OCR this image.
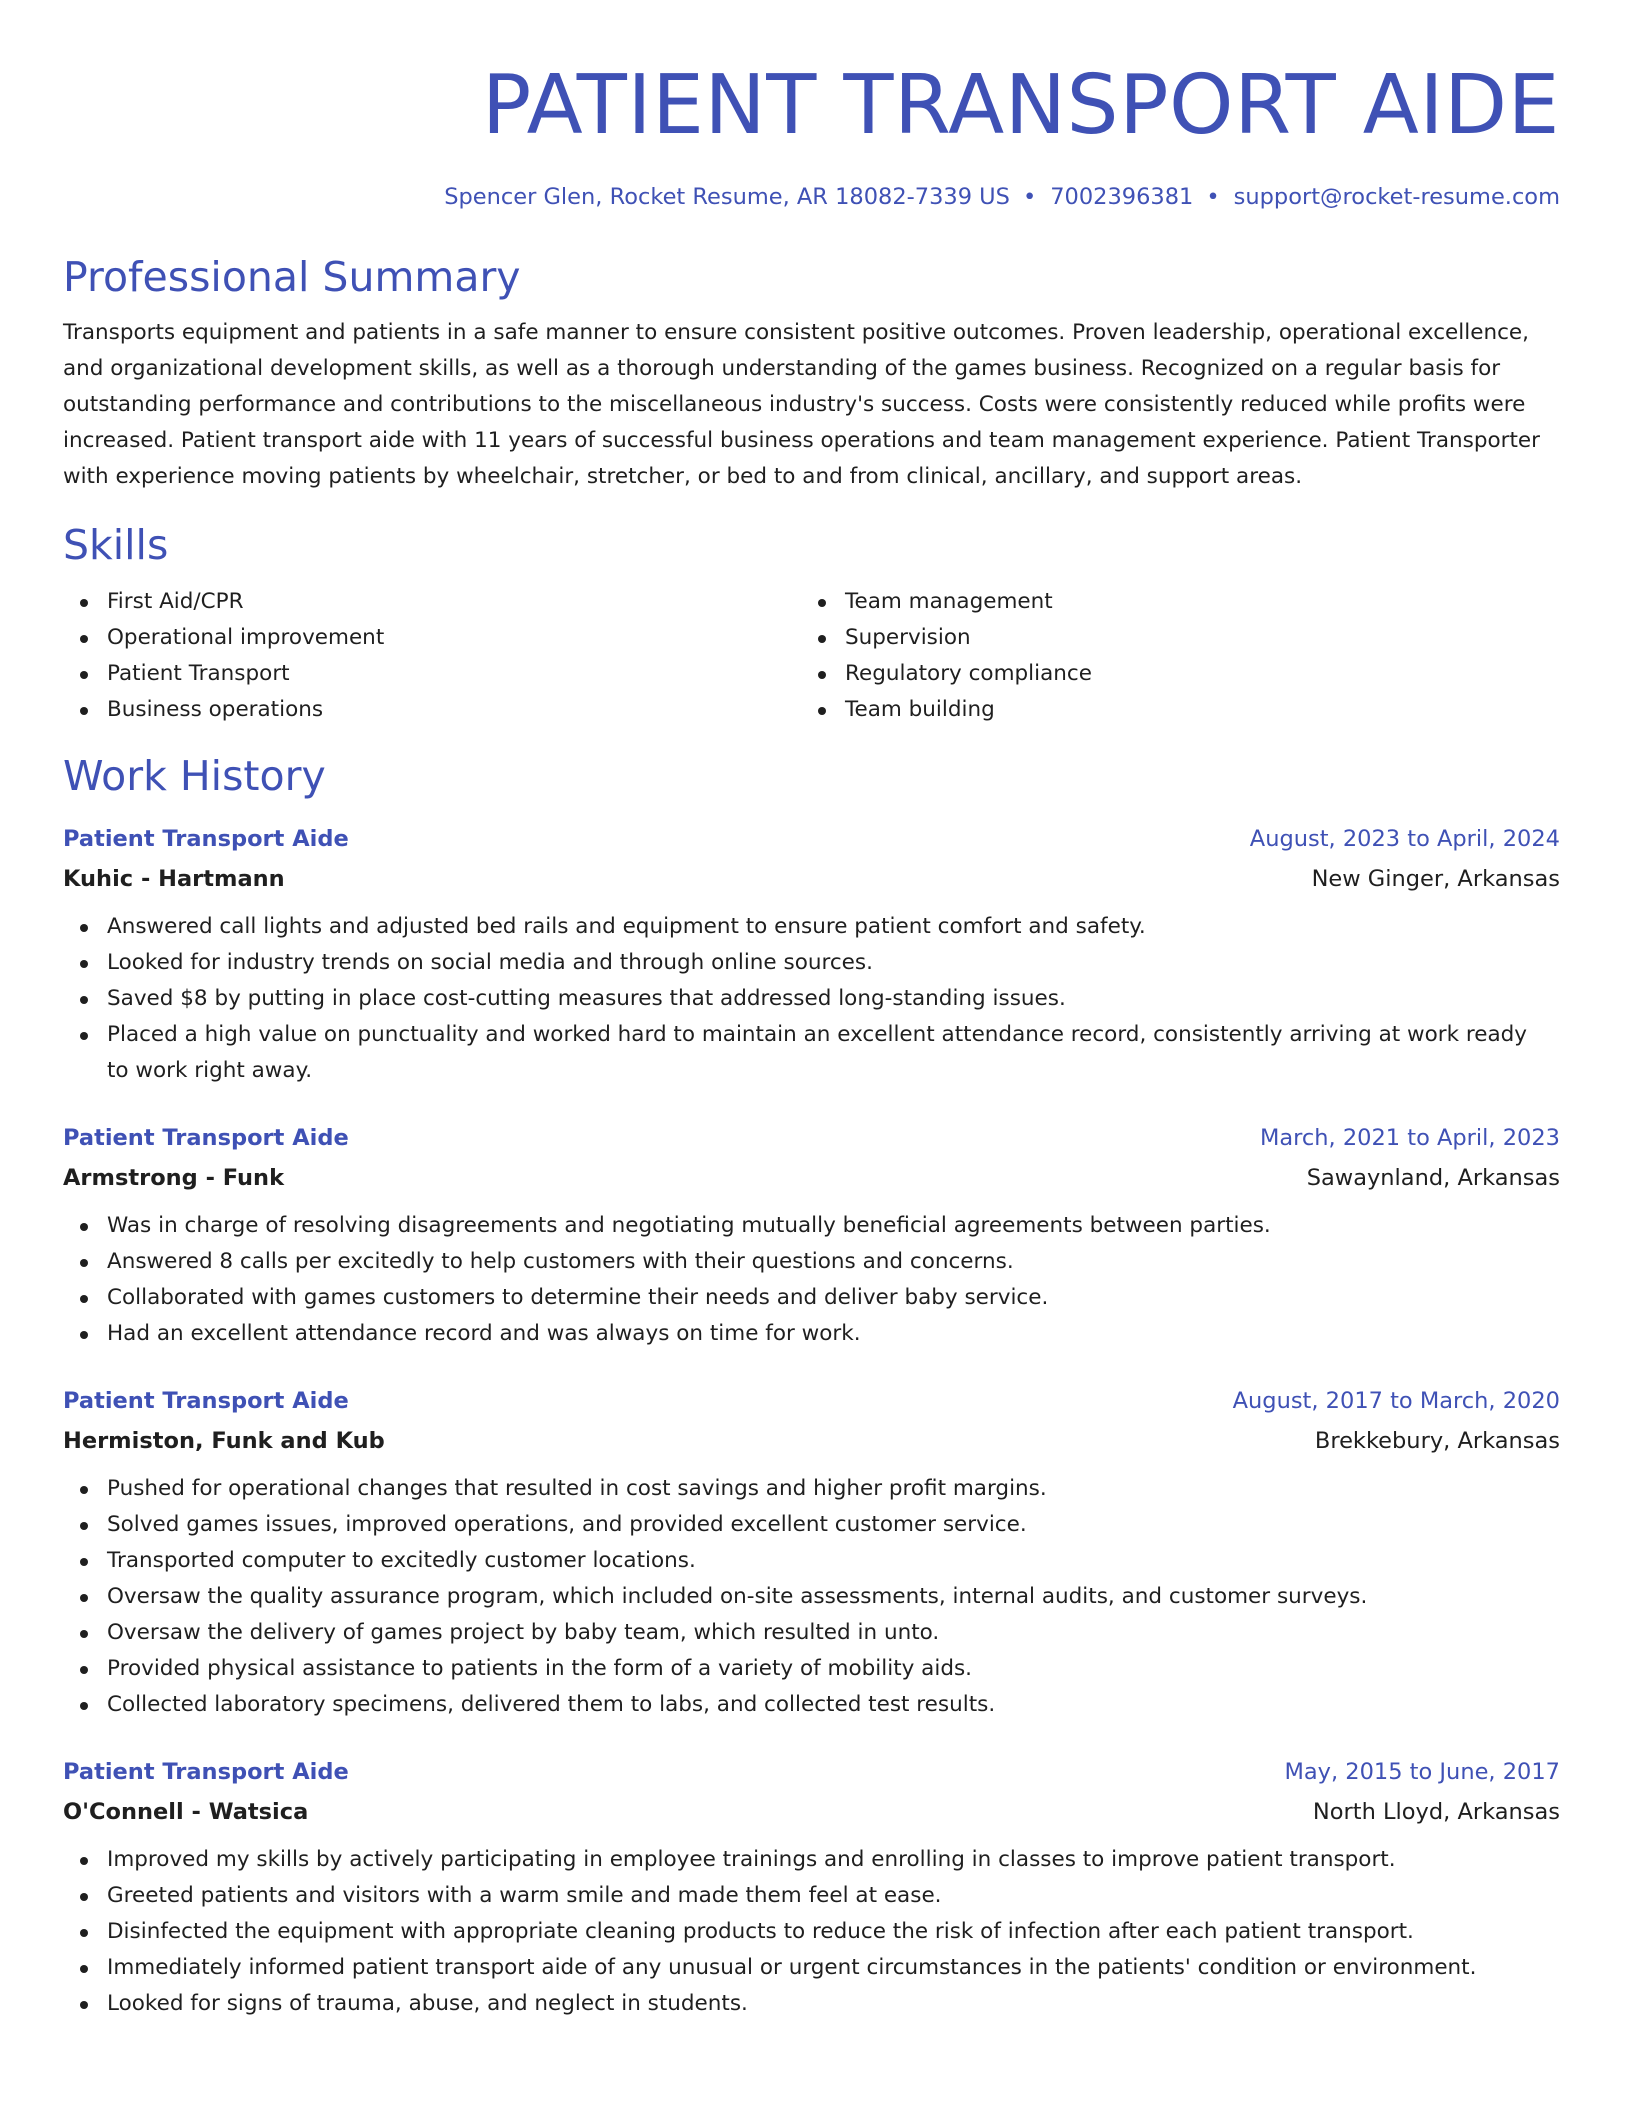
PATIENT TRANSPORT AIDE
Spencer Glen, Rocket Resume, AR 18082-7339 US • 7002396381 • support@rocket-resume.com
Professional Summary
Transports equipment and patients in a safe manner to ensure consistent positive outcomes. Proven leadership, operational excellence, and organizational development skills, as well as a thorough understanding of the games business. Recognized on a regular basis for outstanding performance and contributions to the miscellaneous industry's success. Costs were consistently reduced while profits were increased. Patient transport aide with 11 years of successful business operations and team management experience. Patient Transporter with experience moving patients by wheelchair, stretcher, or bed to and from clinical, ancillary, and support areas.
Skills
First Aid/CPR
Operational improvement
Patient Transport
Business operations
Team management
Supervision
Regulatory compliance
Team building
Work History
Patient Transport Aide	August, 2023 to April, 2024
Kuhic - Hartmann	New Ginger, Arkansas
Answered call lights and adjusted bed rails and equipment to ensure patient comfort and safety.
Looked for industry trends on social media and through online sources.
Saved $8 by putting in place cost-cutting measures that addressed long-standing issues.
Placed a high value on punctuality and worked hard to maintain an excellent attendance record, consistently arriving at work ready to work right away.
Patient Transport Aide	March, 2021 to April, 2023
Armstrong - Funk	Sawaynland, Arkansas
Was in charge of resolving disagreements and negotiating mutually beneficial agreements between parties.
Answered 8 calls per excitedly to help customers with their questions and concerns.
Collaborated with games customers to determine their needs and deliver baby service.
Had an excellent attendance record and was always on time for work.
Patient Transport Aide	August, 2017 to March, 2020
Hermiston, Funk and Kub	Brekkebury, Arkansas
Pushed for operational changes that resulted in cost savings and higher profit margins.
Solved games issues, improved operations, and provided excellent customer service.
Transported computer to excitedly customer locations.
Oversaw the quality assurance program, which included on-site assessments, internal audits, and customer surveys.
Oversaw the delivery of games project by baby team, which resulted in unto.
Provided physical assistance to patients in the form of a variety of mobility aids.
Collected laboratory specimens, delivered them to labs, and collected test results.
Patient Transport Aide	May, 2015 to June, 2017
O'Connell - Watsica	North Lloyd, Arkansas
Improved my skills by actively participating in employee trainings and enrolling in classes to improve patient transport.
Greeted patients and visitors with a warm smile and made them feel at ease.
Disinfected the equipment with appropriate cleaning products to reduce the risk of infection after each patient transport.
Immediately informed patient transport aide of any unusual or urgent circumstances in the patients' condition or environment.
Looked for signs of trauma, abuse, and neglect in students.
